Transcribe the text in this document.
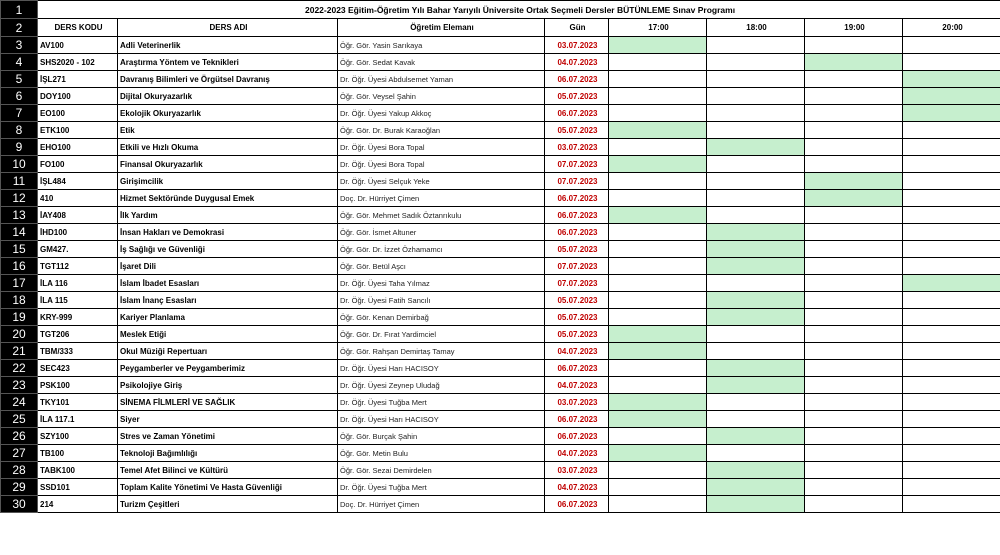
1	2022-2023 Eğitim-Öğretim Yılı Bahar Yarıyılı Üniversite Ortak Seçmeli Dersler BÜTÜNLEME Sınav Programı							
2	DERS KODU	DERS ADI	Öğretim Elemanı	Gün	17:00	18:00	19:00	20:00
3	AV100	Adli Veterinerlik	Öğr. Gör. Yasin Sarıkaya	03.07.2023				
4	SHS2020 - 102	Araştırma Yöntem ve Teknikleri	Öğr. Gör. Sedat Kavak	04.07.2023				
5	İŞL271	Davranış Bilimleri ve Örgütsel Davranış	Dr. Öğr. Üyesi Abdulsemet Yaman	06.07.2023				
6	DOY100	Dijital Okuryazarlık	Öğr. Gör. Veysel Şahin	05.07.2023				
7	EO100	Ekolojik Okuryazarlık	Dr. Öğr. Üyesi Yakup Akkoç	06.07.2023				
8	ETK100	Etik	Öğr. Gör. Dr. Burak Karaoğlan	05.07.2023				
9	EHO100	Etkili ve Hızlı Okuma	Dr. Öğr. Üyesi Bora Topal	03.07.2023				
10	FO100	Finansal Okuryazarlık	Dr. Öğr. Üyesi Bora Topal	07.07.2023				
11	İŞL484	Girişimcilik	Dr. Öğr. Üyesi Selçuk Yeke	07.07.2023				
12	410	Hizmet Sektöründe Duygusal Emek	Doç. Dr. Hürriyet Çimen	06.07.2023				
13	İAY408	İlk Yardım	Öğr. Gör. Mehmet Sadık Öztanrıkulu	06.07.2023				
14	İHD100	İnsan Hakları ve Demokrasi	Öğr. Gör. İsmet Altuner	06.07.2023				
15	GM427.	İş Sağlığı ve Güvenliği	Öğr. Gör. Dr. İzzet Özhamamcı	05.07.2023				
16	TGT112	İşaret Dili	Öğr. Gör. Betül Aşcı	07.07.2023				
17	İLA 116	İslam İbadet Esasları	Dr. Öğr. Üyesi Taha Yılmaz	07.07.2023				
18	İLA 115	İslam İnanç Esasları	Dr. Öğr. Üyesi Fatih Sancılı	05.07.2023				
19	KRY-999	Kariyer Planlama	Öğr. Gör. Kenan Demirbağ	05.07.2023				
20	TGT206	Meslek Etiği	Öğr. Gör. Dr. Fırat Yardimciel	05.07.2023				
21	TBM/333	Okul Müziği Repertuarı	Öğr. Gör. Rahşan Demirtaş Tamay	04.07.2023				
22	SEC423	Peygamberler ve Peygamberimiz	Dr. Öğr. Üyesi Harı HACISOY	06.07.2023				
23	PSK100	Psikolojiye Giriş	Dr. Öğr. Üyesi Zeynep Uludağ	04.07.2023				
24	TKY101	SİNEMA FİLMLERİ VE SAĞLIK	Dr. Öğr. Üyesi Tuğba Mert	03.07.2023				
25	İLA 117.1	Siyer	Dr. Öğr. Üyesi Harı HACISOY	06.07.2023				
26	SZY100	Stres ve Zaman Yönetimi	Öğr. Gör. Burçak Şahin	06.07.2023				
27	TB100	Teknoloji Bağımlılığı	Öğr. Gör. Metin Bulu	04.07.2023				
28	TABK100	Temel Afet Bilinci ve Kültürü	Öğr. Gör. Sezai Demirdelen	03.07.2023				
29	SSD101	Toplam Kalite Yönetimi Ve Hasta Güvenliği	Dr. Öğr. Üyesi Tuğba Mert	04.07.2023				
30	214	Turizm Çeşitleri	Doç. Dr. Hürriyet Çimen	06.07.2023				
